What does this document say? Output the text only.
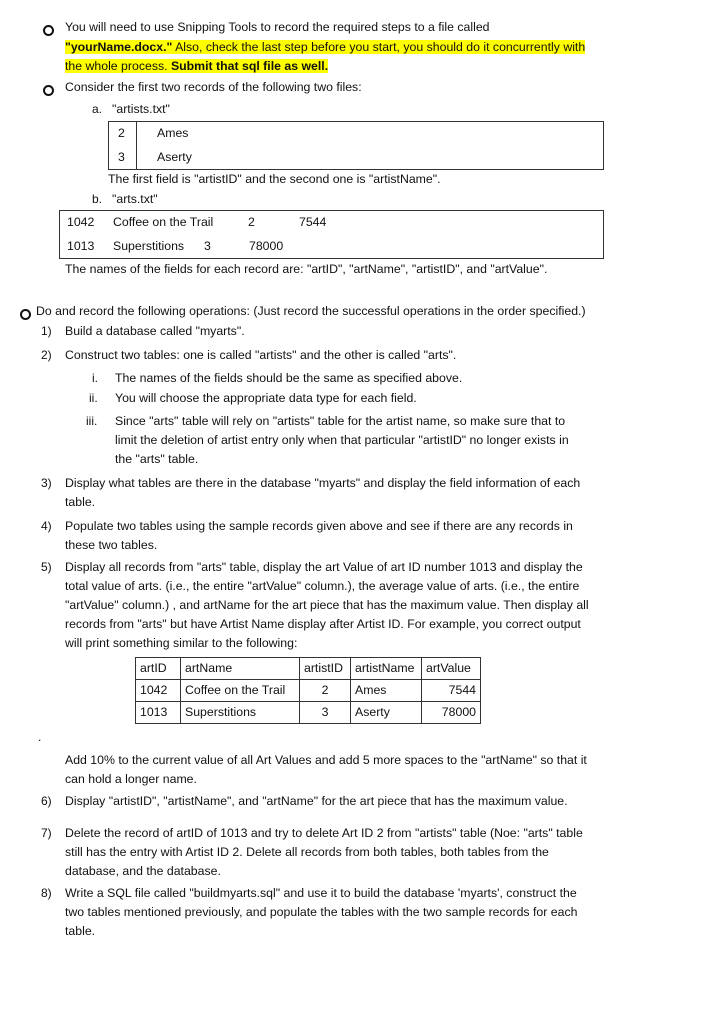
You will need to use Snipping Tools to record the required steps to a file called
"yourName.docx." Also, check the last step before you start, you should do it concurrently with
the whole process. Submit that sql file as well.
Consider the first two records of the following two files:
a. "artists.txt"
2	Ames
3	Aserty
The first field is "artistID" and the second one is "artistName".
b. "arts.txt"
1042 Coffee on the Trail	2	7544
1013 Superstitions 3	78000
The names of the fields for each record are: "artID", "artName", "artistID", and "artValue".
Do and record the following operations: (Just record the successful operations in the order specified.)
1) Build a database called "myarts".
2) Construct two tables: one is called "artists" and the other is called "arts".
i. The names of the fields should be the same as specified above.
ii. You will choose the appropriate data type for each field.
iii. Since "arts" table will rely on "artists" table for the artist name, so make sure that to
limit the deletion of artist entry only when that particular "artistID" no longer exists in
the "arts" table.
3) Display what tables are there in the database "myarts" and display the field information of each
table.
4) Populate two tables using the sample records given above and see if there are any records in
these two tables.
5) Display all records from "arts" table, display the art Value of art ID number 1013 and display the
total value of arts. (i.e., the entire "artValue" column.), the average value of arts. (i.e., the entire
"artValue" column.) , and artName for the art piece that has the maximum value. Then display all
records from "arts" but have Artist Name display after Artist ID. For example, you correct output
will print something similar to the following:
artID	artName	artistID	artistName	artValue
1042	Coffee on the Trail	2	Ames	7544
1013	Superstitions	3	Aserty	78000
.
Add 10% to the current value of all Art Values and add 5 more spaces to the "artName" so that it
can hold a longer name.
6) Display "artistID", "artistName", and "artName" for the art piece that has the maximum value.
7) Delete the record of artID of 1013 and try to delete Art ID 2 from "artists" table (Noe: "arts" table
still has the entry with Artist ID 2. Delete all records from both tables, both tables from the
database, and the database.
8) Write a SQL file called "buildmyarts.sql" and use it to build the database 'myarts', construct the
two tables mentioned previously, and populate the tables with the two sample records for each
table.
